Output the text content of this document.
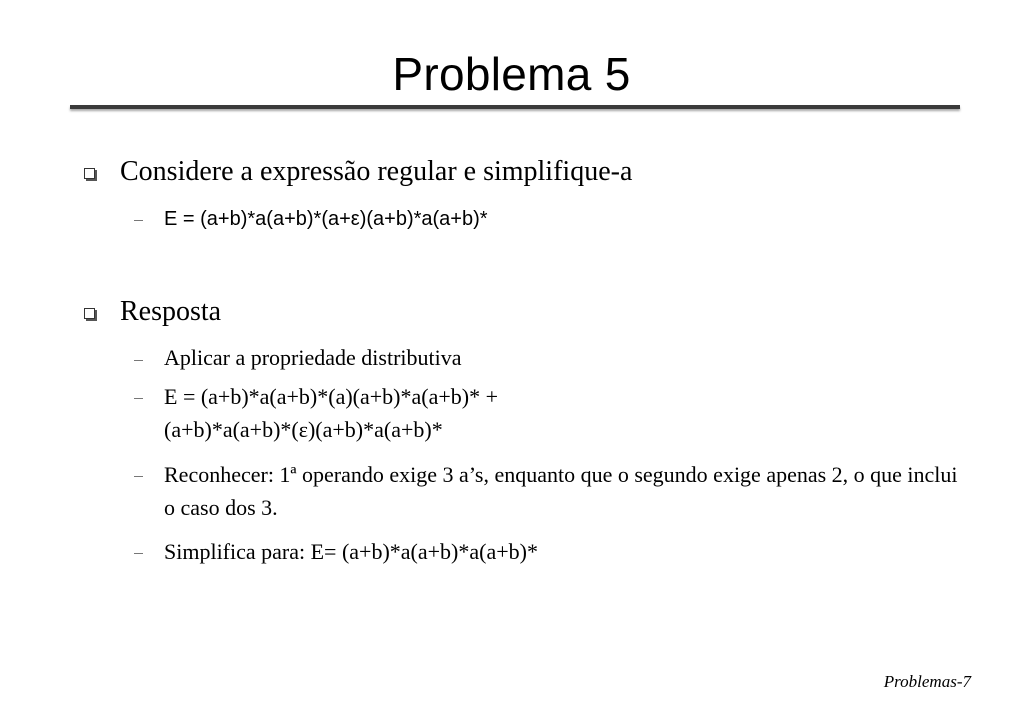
Problema 5
Considere a expressão regular e simplifique-a
E = (a+b)*a(a+b)*(a+ε)(a+b)*a(a+b)*
Resposta
Aplicar a propriedade distributiva
E = (a+b)*a(a+b)*(a)(a+b)*a(a+b)* + (a+b)*a(a+b)*(ε)(a+b)*a(a+b)*
Reconhecer: 1ª operando exige 3 a’s, enquanto que o segundo exige apenas 2, o que inclui o caso dos 3.
Simplifica para: E= (a+b)*a(a+b)*a(a+b)*
Problemas-7
